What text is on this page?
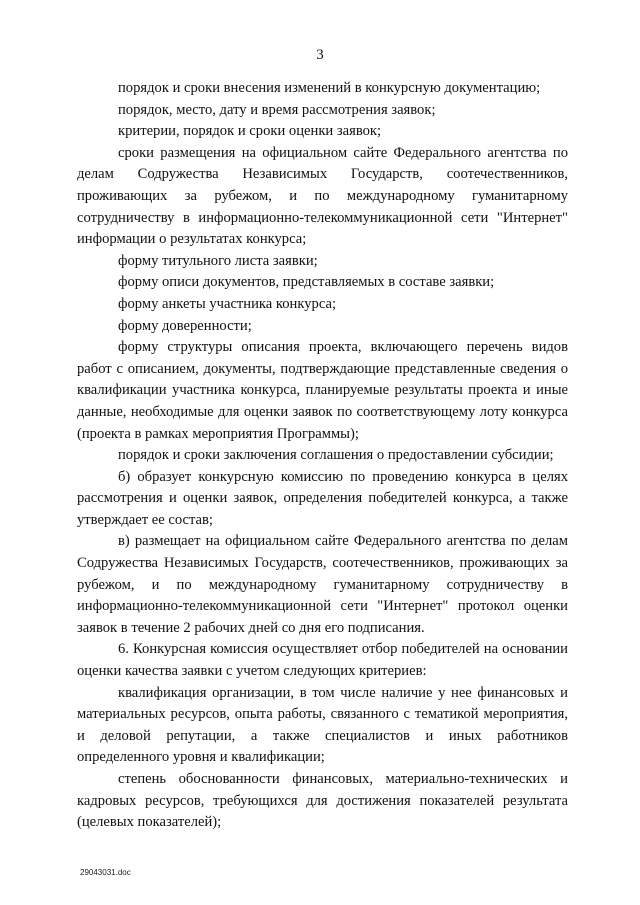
3

порядок и сроки внесения изменений в конкурсную документацию;

порядок, место, дату и время рассмотрения заявок;

критерии, порядок и сроки оценки заявок;

сроки размещения на официальном сайте Федерального агентства по делам Содружества Независимых Государств, соотечественников, проживающих за рубежом, и по международному гуманитарному сотрудничеству в информационно-телекоммуникационной сети "Интернет" информации о результатах конкурса;

форму титульного листа заявки;

форму описи документов, представляемых в составе заявки;

форму анкеты участника конкурса;

форму доверенности;

форму структуры описания проекта, включающего перечень видов работ с описанием, документы, подтверждающие представленные сведения о квалификации участника конкурса, планируемые результаты проекта и иные данные, необходимые для оценки заявок по соответствующему лоту конкурса (проекта в рамках мероприятия Программы);

порядок и сроки заключения соглашения о предоставлении субсидии;

б) образует конкурсную комиссию по проведению конкурса в целях рассмотрения и оценки заявок, определения победителей конкурса, а также утверждает ее состав;

в) размещает на официальном сайте Федерального агентства по делам Содружества Независимых Государств, соотечественников, проживающих за рубежом, и по международному гуманитарному сотрудничеству в информационно-телекоммуникационной сети "Интернет" протокол оценки заявок в течение 2 рабочих дней со дня его подписания.

6. Конкурсная комиссия осуществляет отбор победителей на основании оценки качества заявки с учетом следующих критериев:

квалификация организации, в том числе наличие у нее финансовых и материальных ресурсов, опыта работы, связанного с тематикой мероприятия, и деловой репутации, а также специалистов и иных работников определенного уровня и квалификации;

степень обоснованности финансовых, материально-технических и кадровых ресурсов, требующихся для достижения показателей результата (целевых показателей);

29043031.doc
